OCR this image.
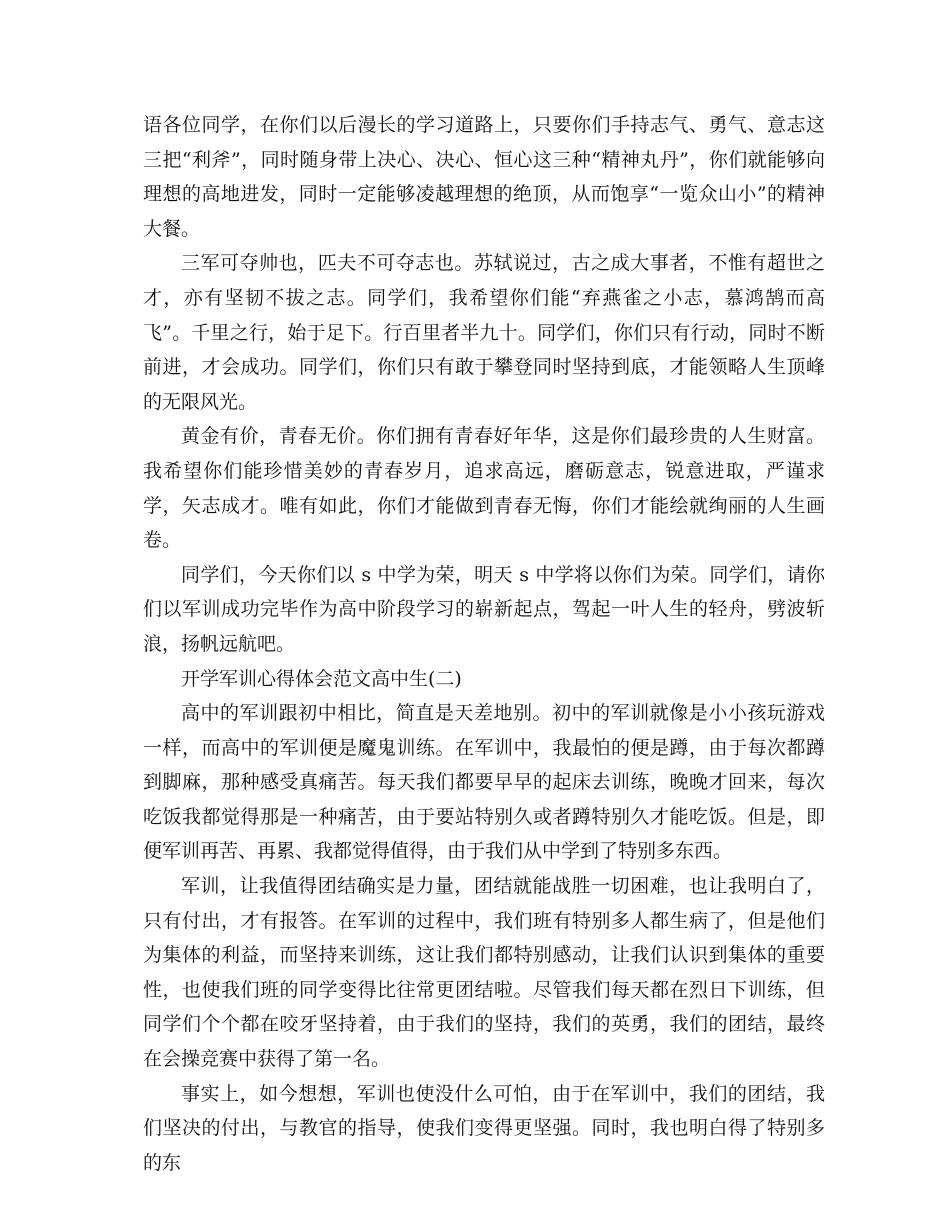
语各位同学，在你们以后漫长的学习道路上，只要你们手持志气、勇气、意志这三把“利斧”，同时随身带上决心、决心、恒心这三种“精神丸丹”，你们就能够向理想的高地进发，同时一定能够凌越理想的绝顶，从而饱享“一览众山小”的精神大餐。

三军可夺帅也，匹夫不可夺志也。苏轼说过，古之成大事者，不惟有超世之才，亦有坚韧不拔之志。同学们，我希望你们能“弃燕雀之小志，慕鸿鹄而高飞”。千里之行，始于足下。行百里者半九十。同学们，你们只有行动，同时不断前进，才会成功。同学们，你们只有敢于攀登同时坚持到底，才能领略人生顶峰的无限风光。

黄金有价，青春无价。你们拥有青春好年华，这是你们最珍贵的人生财富。我希望你们能珍惜美妙的青春岁月，追求高远，磨砺意志，锐意进取，严谨求学，矢志成才。唯有如此，你们才能做到青春无悔，你们才能绘就绚丽的人生画卷。

同学们，今天你们以 s 中学为荣，明天 s 中学将以你们为荣。同学们，请你们以军训成功完毕作为高中阶段学习的崭新起点，驾起一叶人生的轻舟，劈波斩浪，扬帆远航吧。

开学军训心得体会范文高中生(二)

高中的军训跟初中相比，简直是天差地别。初中的军训就像是小小孩玩游戏一样，而高中的军训便是魔鬼训练。在军训中，我最怕的便是蹲，由于每次都蹲到脚麻，那种感受真痛苦。每天我们都要早早的起床去训练，晚晚才回来，每次吃饭我都觉得那是一种痛苦，由于要站特别久或者蹲特别久才能吃饭。但是，即便军训再苦、再累、我都觉得值得，由于我们从中学到了特别多东西。

军训，让我值得团结确实是力量，团结就能战胜一切困难，也让我明白了，只有付出，才有报答。在军训的过程中，我们班有特别多人都生病了，但是他们为集体的利益，而坚持来训练，这让我们都特别感动，让我们认识到集体的重要性，也使我们班的同学变得比往常更团结啦。尽管我们每天都在烈日下训练，但同学们个个都在咬牙坚持着，由于我们的坚持，我们的英勇，我们的团结，最终在会操竞赛中获得了第一名。

事实上，如今想想，军训也使没什么可怕，由于在军训中，我们的团结，我们坚决的付出，与教官的指导，使我们变得更坚强。同时，我也明白得了特别多的东
